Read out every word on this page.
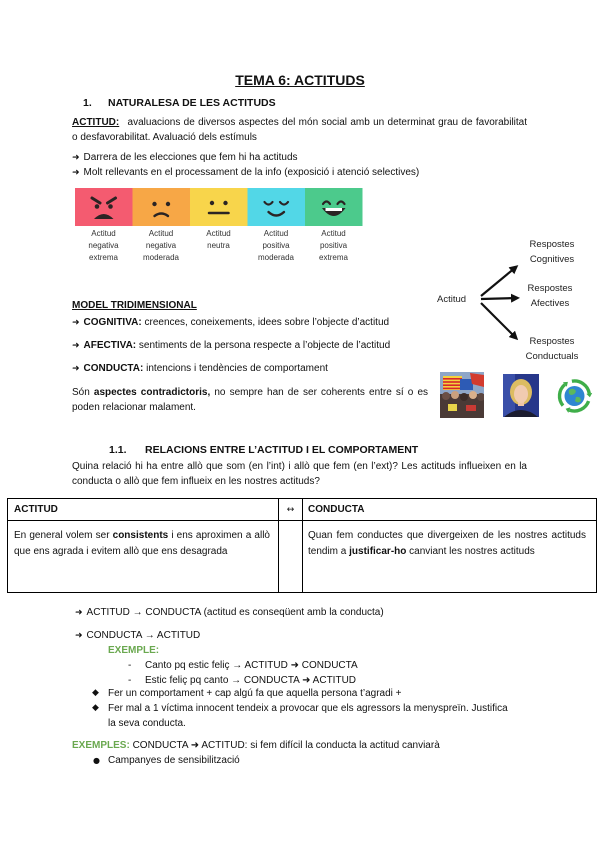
TEMA 6: ACTITUDS
1. NATURALESA DE LES ACTITUDS
ACTITUD: avaluacions de diversos aspectes del món social amb un determinat grau de favorabilitat o desfavorabilitat. Avaluació dels estímuls
➜ Darrera de les elecciones que fem hi ha actituds
➜ Molt rellevants en el processament de la info (exposició i atenció selectives)
Actitud
negativa
extrema
Actitud
negativa
moderada
Actitud
neutra
Actitud
positiva
moderada
Actitud
positiva
extrema
Actitud
Respostes
Cognitives
Respostes
Afectives
Respostes
Conductuals
MODEL TRIDIMENSIONAL
➜ COGNITIVA: creences, coneixements, idees sobre l’objecte d’actitud
➜ AFECTIVA: sentiments de la persona respecte a l’objecte de l’actitud
➜ CONDUCTA: intencions i tendències de comportament
Són aspectes contradictoris, no sempre han de ser coherents entre sí o es poden relacionar malament.
1.1. RELACIONS ENTRE L’ACTITUD I EL COMPORTAMENT
Quina relació hi ha entre allò que som (en l’int) i allò que fem (en l’ext)? Les actituds influeixen en la conducta o allò que fem influeix en les nostres actituds?
ACTITUD	↔	CONDUCTA

En general volem ser consistents i ens aproximen a allò que ens agrada i evitem allò que ens desagrada		Quan fem conductes que divergeixen de les nostres actituds tendim a justificar-ho canviant les nostres actituds
➜ ACTITUD → CONDUCTA (actitud es conseqüent amb la conducta)
➜ CONDUCTA → ACTITUD
EXEMPLE:
- Canto pq estic feliç → ACTITUD ➜ CONDUCTA
- Estic feliç pq canto → CONDUCTA ➜ ACTITUD
◆ Fer un comportament + cap algú fa que aquella persona t’agradi +
◆ Fer mal a 1 víctima innocent tendeix a provocar que els agressors la menyspreïn. Justifica la seva conducta.
EXEMPLES: CONDUCTA ➜ ACTITUD: si fem difícil la conducta la actitud canviarà
● Campanyes de sensibilització
